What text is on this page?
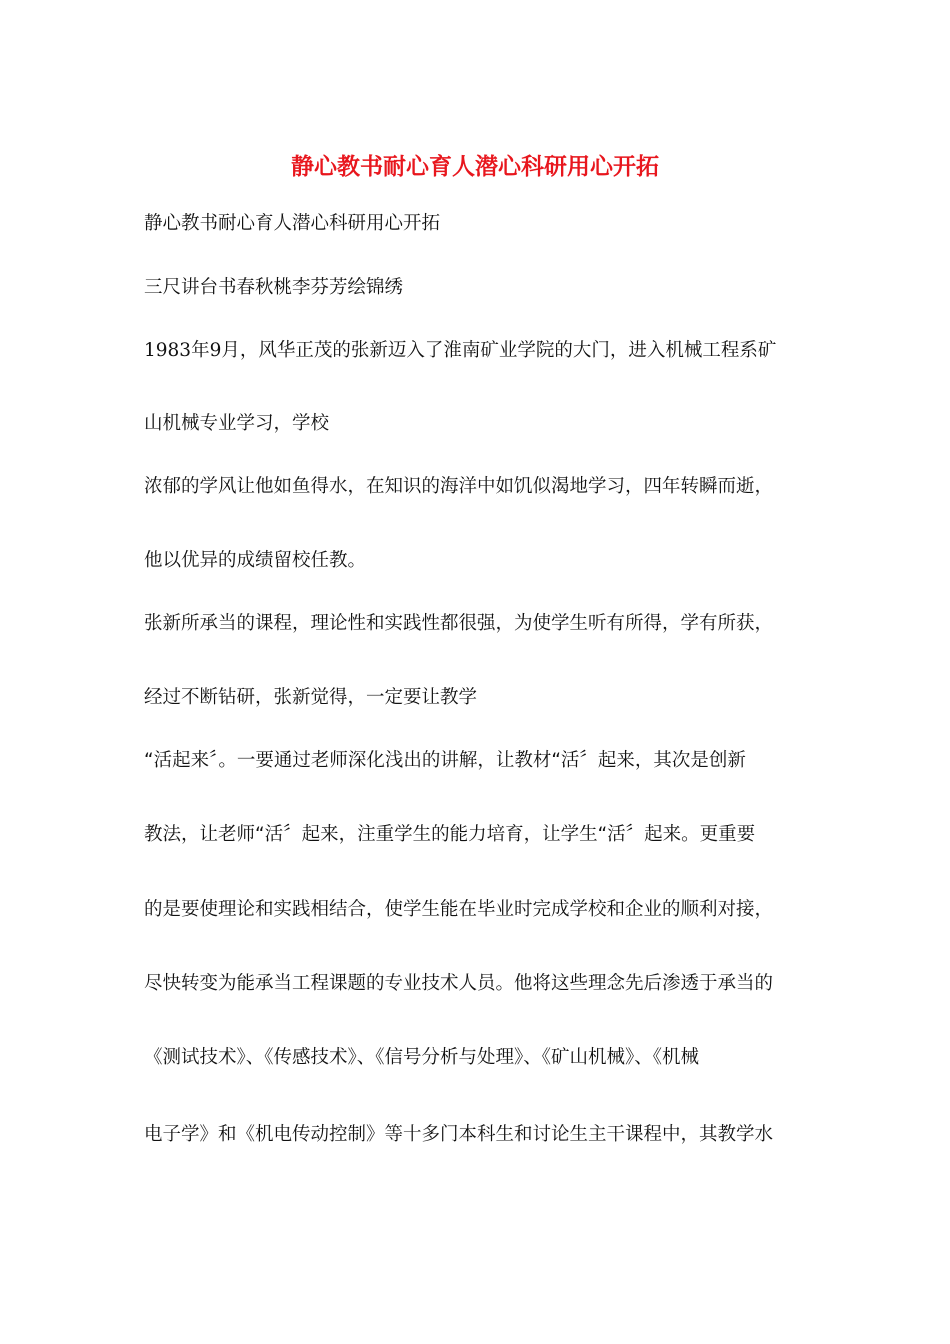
静心教书耐心育人潜心科研用心开拓

静心教书耐心育人潜心科研用心开拓

三尺讲台书春秋桃李芬芳绘锦绣

1983年9月，风华正茂的张新迈入了淮南矿业学院的大门，进入机械工程系矿

山机械专业学习，学校

浓郁的学风让他如鱼得水，在知识的海洋中如饥似渴地学习，四年转瞬而逝，

他以优异的成绩留校任教。

张新所承当的课程，理论性和实践性都很强，为使学生听有所得，学有所获，

经过不断钻研，张新觉得，一定要让教学

“活起来〞。一要通过老师深化浅出的讲解，让教材“活〞起来，其次是创新

教法，让老师“活〞起来，注重学生的能力培育，让学生“活〞起来。更重要

的是要使理论和实践相结合，使学生能在毕业时完成学校和企业的顺利对接，

尽快转变为能承当工程课题的专业技术人员。他将这些理念先后渗透于承当的

《测试技术》、《传感技术》、《信号分析与处理》、《矿山机械》、《机械

电子学》和《机电传动控制》等十多门本科生和讨论生主干课程中，其教学水
